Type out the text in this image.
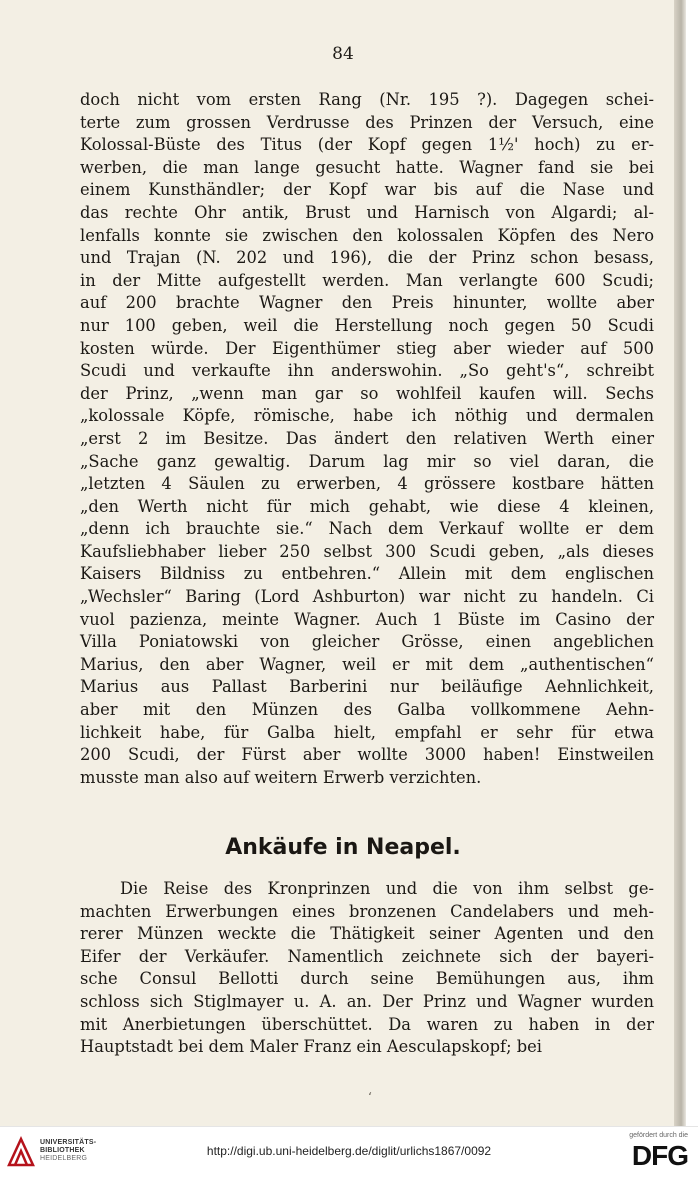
84
doch nicht vom ersten Rang (Nr. 195 ?). Dagegen schei-
terte zum grossen Verdrusse des Prinzen der Versuch, eine
Kolossal-Büste des Titus (der Kopf gegen 1½' hoch) zu er-
werben, die man lange gesucht hatte. Wagner fand sie bei
einem Kunsthändler; der Kopf war bis auf die Nase und
das rechte Ohr antik, Brust und Harnisch von Algardi; al-
lenfalls konnte sie zwischen den kolossalen Köpfen des Nero
und Trajan (N. 202 und 196), die der Prinz schon besass,
in der Mitte aufgestellt werden. Man verlangte 600 Scudi;
auf 200 brachte Wagner den Preis hinunter, wollte aber
nur 100 geben, weil die Herstellung noch gegen 50 Scudi
kosten würde. Der Eigenthümer stieg aber wieder auf 500
Scudi und verkaufte ihn anderswohin. „So geht's“, schreibt
der Prinz, „wenn man gar so wohlfeil kaufen will. Sechs
„kolossale Köpfe, römische, habe ich nöthig und dermalen
„erst 2 im Besitze. Das ändert den relativen Werth einer
„Sache ganz gewaltig. Darum lag mir so viel daran, die
„letzten 4 Säulen zu erwerben, 4 grössere kostbare hätten
„den Werth nicht für mich gehabt, wie diese 4 kleinen,
„denn ich brauchte sie.“ Nach dem Verkauf wollte er dem
Kaufsliebhaber lieber 250 selbst 300 Scudi geben, „als dieses
Kaisers Bildniss zu entbehren.“ Allein mit dem englischen
„Wechsler“ Baring (Lord Ashburton) war nicht zu handeln. Ci
vuol pazienza, meinte Wagner. Auch 1 Büste im Casino der
Villa Poniatowski von gleicher Grösse, einen angeblichen
Marius, den aber Wagner, weil er mit dem „authentischen“
Marius aus Pallast Barberini nur beiläufige Aehnlichkeit,
aber mit den Münzen des Galba vollkommene Aehn-
lichkeit habe, für Galba hielt, empfahl er sehr für etwa
200 Scudi, der Fürst aber wollte 3000 haben! Einstweilen
musste man also auf weitern Erwerb verzichten.
Ankäufe in Neapel.
Die Reise des Kronprinzen und die von ihm selbst ge-
machten Erwerbungen eines bronzenen Candelabers und meh-
rerer Münzen weckte die Thätigkeit seiner Agenten und den
Eifer der Verkäufer. Namentlich zeichnete sich der bayeri-
sche Consul Bellotti durch seine Bemühungen aus, ihm
schloss sich Stiglmayer u. A. an. Der Prinz und Wagner wurden
mit Anerbietungen überschüttet. Da waren zu haben in der
Hauptstadt bei dem Maler Franz ein Aesculapskopf; bei
ʻ
UNIVERSITÄTS-
BIBLIOTHEK
HEIDELBERG
http://digi.ub.uni-heidelberg.de/diglit/urlichs1867/0092
gefördert durch die
DFG
